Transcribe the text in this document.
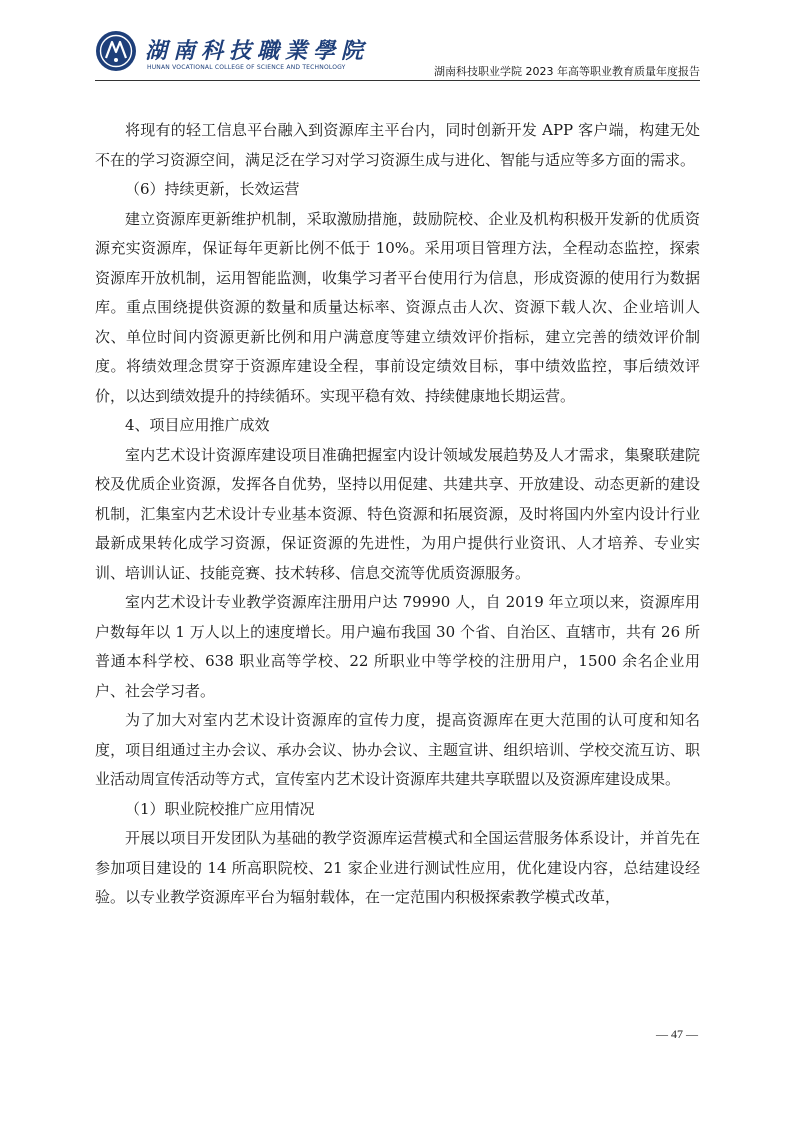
湖南科技職業學院
HUNAN VOCATIONAL COLLEGE OF SCIENCE AND TECHNOLOGY	湖南科技职业学院 2023 年高等职业教育质量年度报告

将现有的轻工信息平台融入到资源库主平台内，同时创新开发 APP 客户端，构建无处不在的学习资源空间，满足泛在学习对学习资源生成与进化、智能与适应等多方面的需求。

（6）持续更新，长效运营

建立资源库更新维护机制，采取激励措施，鼓励院校、企业及机构积极开发新的优质资源充实资源库，保证每年更新比例不低于 10%。采用项目管理方法，全程动态监控，探索资源库开放机制，运用智能监测，收集学习者平台使用行为信息，形成资源的使用行为数据库。重点围绕提供资源的数量和质量达标率、资源点击人次、资源下载人次、企业培训人次、单位时间内资源更新比例和用户满意度等建立绩效评价指标，建立完善的绩效评价制度。将绩效理念贯穿于资源库建设全程，事前设定绩效目标，事中绩效监控，事后绩效评价，以达到绩效提升的持续循环。实现平稳有效、持续健康地长期运营。

4、项目应用推广成效

室内艺术设计资源库建设项目准确把握室内设计领域发展趋势及人才需求，集聚联建院校及优质企业资源，发挥各自优势，坚持以用促建、共建共享、开放建设、动态更新的建设机制，汇集室内艺术设计专业基本资源、特色资源和拓展资源，及时将国内外室内设计行业最新成果转化成学习资源，保证资源的先进性，为用户提供行业资讯、人才培养、专业实训、培训认证、技能竞赛、技术转移、信息交流等优质资源服务。

室内艺术设计专业教学资源库注册用户达 79990 人，自 2019 年立项以来，资源库用户数每年以 1 万人以上的速度增长。用户遍布我国 30 个省、自治区、直辖市，共有 26 所普通本科学校、638 职业高等学校、22 所职业中等学校的注册用户，1500 余名企业用户、社会学习者。

为了加大对室内艺术设计资源库的宣传力度，提高资源库在更大范围的认可度和知名度，项目组通过主办会议、承办会议、协办会议、主题宣讲、组织培训、学校交流互访、职业活动周宣传活动等方式，宣传室内艺术设计资源库共建共享联盟以及资源库建设成果。

（1）职业院校推广应用情况

开展以项目开发团队为基础的教学资源库运营模式和全国运营服务体系设计，并首先在参加项目建设的 14 所高职院校、21 家企业进行测试性应用，优化建设内容，总结建设经验。以专业教学资源库平台为辐射载体，在一定范围内积极探索教学模式改革，

— 47 —
